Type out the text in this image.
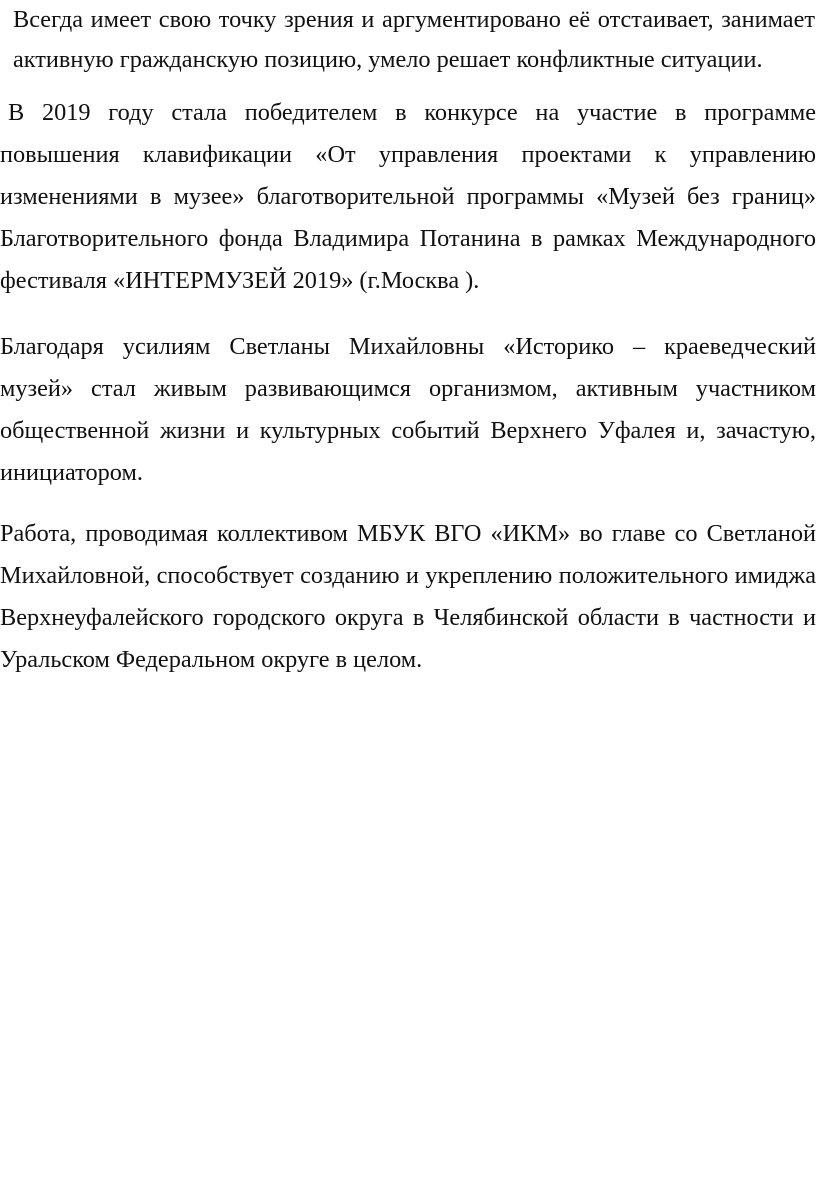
Всегда имеет свою точку зрения и аргументировано её отстаивает, занимает активную гражданскую позицию, умело решает конфликтные ситуации.

В 2019 году стала победителем в конкурсе на участие в программе повышения клавификации «От управления проектами к управлению изменениями в музее» благотворительной программы «Музей без границ» Благотворительного фонда Владимира Потанина в рамках Международного фестиваля «ИНТЕРМУЗЕЙ 2019» (г.Москва ).

Благодаря усилиям Светланы Михайловны «Историко – краеведческий музей» стал живым развивающимся организмом, активным участником общественной жизни и культурных событий Верхнего Уфалея и, зачастую, инициатором.

Работа, проводимая коллективом МБУК ВГО «ИКМ» во главе со Светланой Михайловной, способствует созданию и укреплению положительного имиджа Верхнеуфалейского городского округа в Челябинской области в частности и Уральском Федеральном округе в целом.
